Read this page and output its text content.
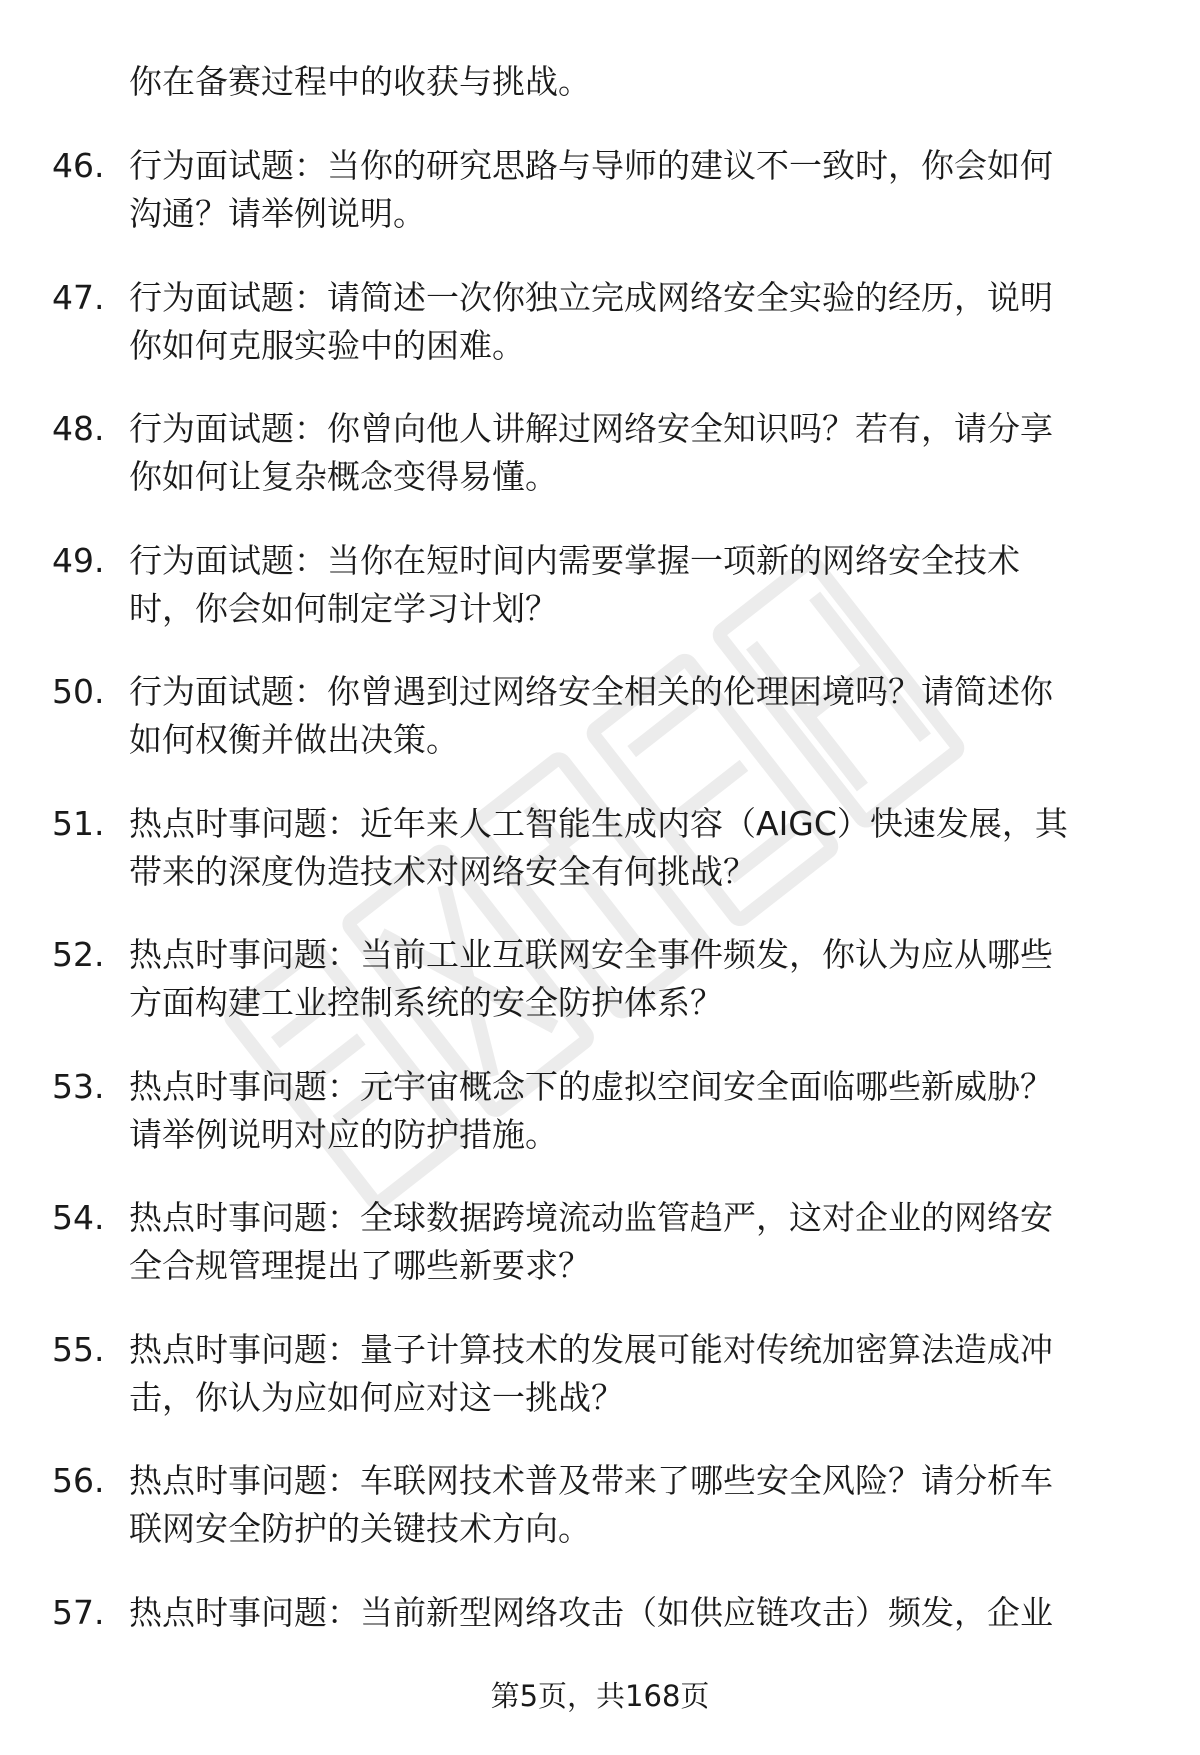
你在备赛过程中的收获与挑战。

46. 行为面试题：当你的研究思路与导师的建议不一致时，你会如何
沟通？请举例说明。
47. 行为面试题：请简述一次你独立完成网络安全实验的经历，说明
你如何克服实验中的困难。
48. 行为面试题：你曾向他人讲解过网络安全知识吗？若有，请分享
你如何让复杂概念变得易懂。
49. 行为面试题：当你在短时间内需要掌握一项新的网络安全技术
时，你会如何制定学习计划？
50. 行为面试题：你曾遇到过网络安全相关的伦理困境吗？请简述你
如何权衡并做出决策。
51. 热点时事问题：近年来人工智能生成内容（AIGC）快速发展，其
带来的深度伪造技术对网络安全有何挑战？
52. 热点时事问题：当前工业互联网安全事件频发，你认为应从哪些
方面构建工业控制系统的安全防护体系？
53. 热点时事问题：元宇宙概念下的虚拟空间安全面临哪些新威胁？
请举例说明对应的防护措施。
54. 热点时事问题：全球数据跨境流动监管趋严，这对企业的网络安
全合规管理提出了哪些新要求？
55. 热点时事问题：量子计算技术的发展可能对传统加密算法造成冲
击，你认为应如何应对这一挑战？
56. 热点时事问题：车联网技术普及带来了哪些安全风险？请分析车
联网安全防护的关键技术方向。
57. 热点时事问题：当前新型网络攻击（如供应链攻击）频发，企业
第5页，共168页
